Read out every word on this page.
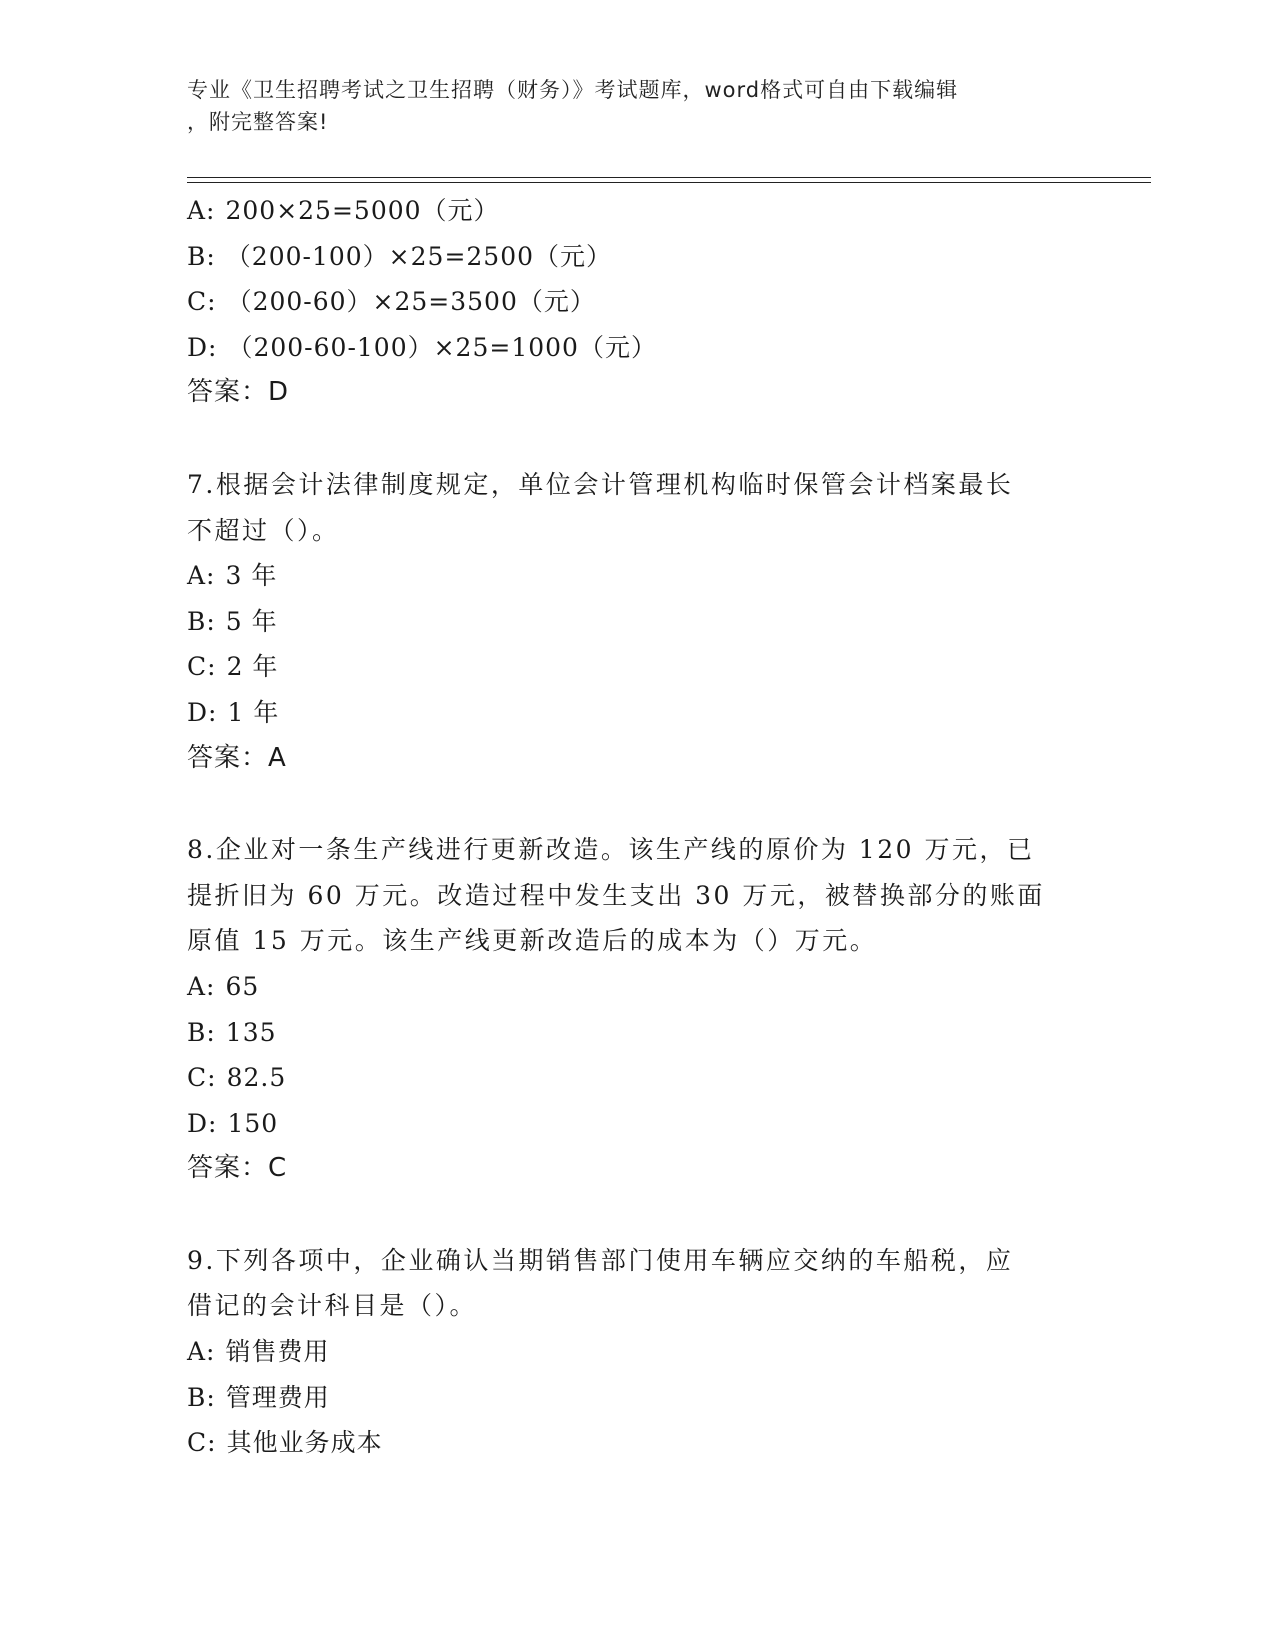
专业《卫生招聘考试之卫生招聘（财务）》考试题库，word格式可自由下载编辑
，附完整答案!
A: 200×25=5000（元）
B: （200-100）×25=2500（元）
C: （200-60）×25=3500（元）
D: （200-60-100）×25=1000（元）
答案：D
7.根据会计法律制度规定，单位会计管理机构临时保管会计档案最长
不超过（）。
A: 3 年
B: 5 年
C: 2 年
D: 1 年
答案：A
8.企业对一条生产线进行更新改造。该生产线的原价为 120 万元，已
提折旧为 60 万元。改造过程中发生支出 30 万元，被替换部分的账面
原值 15 万元。该生产线更新改造后的成本为（）万元。
A: 65
B: 135
C: 82.5
D: 150
答案：C
9.下列各项中，企业确认当期销售部门使用车辆应交纳的车船税，应
借记的会计科目是（）。
A: 销售费用
B: 管理费用
C: 其他业务成本
